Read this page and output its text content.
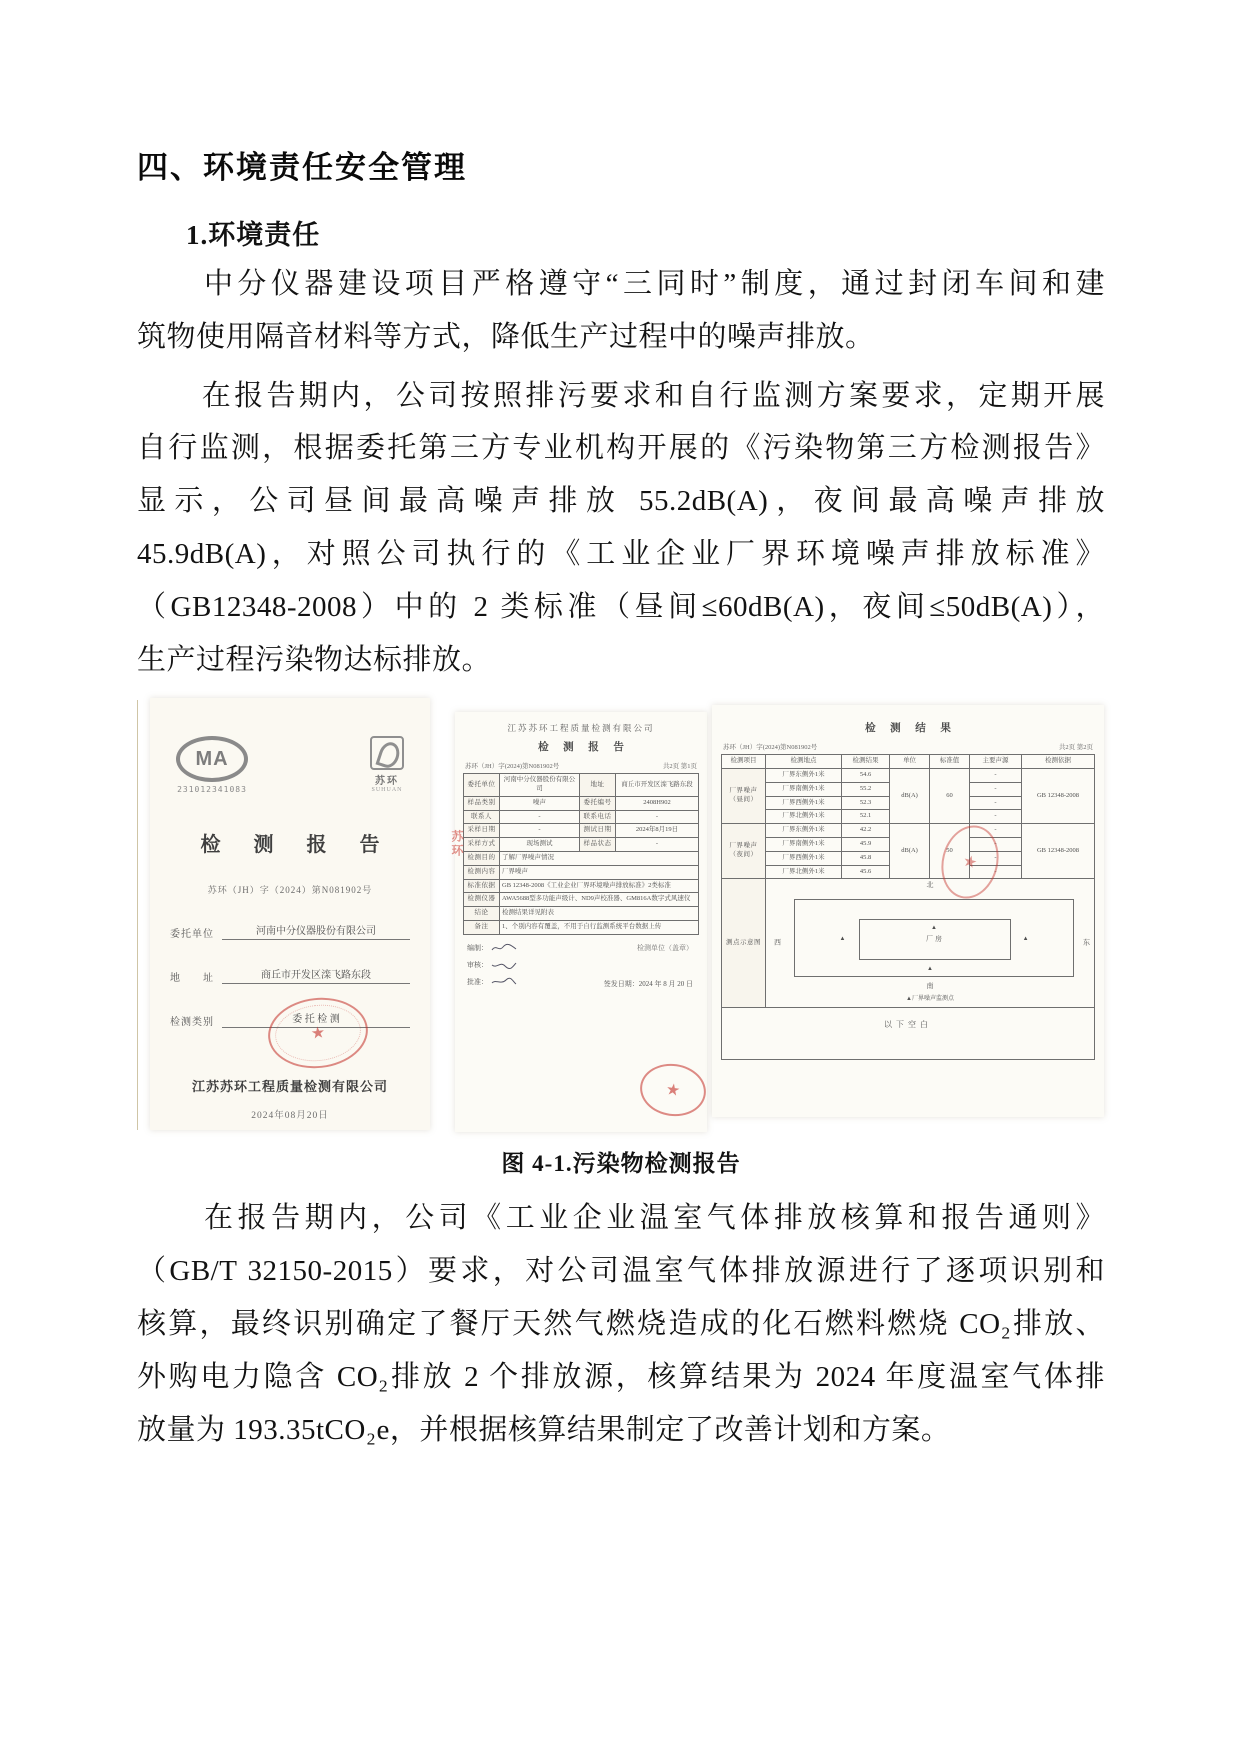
四、环境责任安全管理
1.环境责任
　　中分仪器建设项目严格遵守“三同时”制度，通过封闭车间和建
筑物使用隔音材料等方式，降低生产过程中的噪声排放。
　　在报告期内，公司按照排污要求和自行监测方案要求，定期开展
自行监测，根据委托第三方专业机构开展的《污染物第三方检测报告》
显示，公司昼间最高噪声排放 55.2dB(A)，夜间最高噪声排放
45.9dB(A)，对照公司执行的《工业企业厂界环境噪声排放标准》
（GB12348-2008）中的 2 类标准（昼间≤60dB(A)，夜间≤50dB(A)），
生产过程污染物达标排放。
MA
231012341083
苏环
SUHUAN
检 测 报 告
苏环（JH）字（2024）第N081902号
委托单位	河南中分仪器股份有限公司
地　　址	商丘市开发区滦飞路东段
检测类别	委 托 检 测
★
江苏苏环工程质量检测有限公司
2024年08月20日
苏环
江苏苏环工程质量检测有限公司
检 测 报 告
苏环（JH）字(2024)第N081902号	共2页 第1页
委托单位	河南中分仪器股份有限公司	地址	商丘市开发区滦飞路东段
样品类别	噪声	委托编号	2408H902
联系人	-	联系电话	-
采样日期	-	测试日期	2024年8月19日
采样方式	现场测试	样品状态	-
检测目的	了解厂界噪声情况		
检测内容	厂界噪声		
标准依据	GB 12348-2008《工业企业厂界环境噪声排放标准》2类标准		
检测仪器	AWA5688型多功能声级计、ND9声校准器、GM816A数字式风速仪		
结论	检测结果详见附表		
备注	1、个别内容有覆盖，不用于自行监测系统平台数据上传		
编制：
审核：
批准：
检测单位（盖章）
签发日期：2024 年 8 月 20 日
★
检 测 结 果
苏环（JH）字(2024)第N081902号	共2页 第2页
检测项目	检测地点	检测结果	单位	标准值	主要声源	检测依据
厂界噪声（昼间）	厂界东侧外1米	54.6	dB(A)	60	-	GB 12348-2008
	厂界南侧外1米	55.2			-	
	厂界西侧外1米	52.3			-	
	厂界北侧外1米	52.1			-	
厂界噪声（夜间）	厂界东侧外1米	42.2	dB(A)	50	-	GB 12348-2008
	厂界南侧外1米	45.9			-	
	厂界西侧外1米	45.8			-	
	厂界北侧外1米	45.6			-	
测点示意图	
北
▲
▲	▲
厂房
▲
西	东
南
▲厂界噪声监测点

以下空白						
★
图 4-1.污染物检测报告
　　在报告期内，公司《工业企业温室气体排放核算和报告通则》
（GB/T 32150-2015）要求，对公司温室气体排放源进行了逐项识别和
核算，最终识别确定了餐厅天然气燃烧造成的化石燃料燃烧 CO₂排放、
外购电力隐含 CO₂排放 2 个排放源，核算结果为 2024 年度温室气体排
放量为 193.35tCO₂e，并根据核算结果制定了改善计划和方案。
